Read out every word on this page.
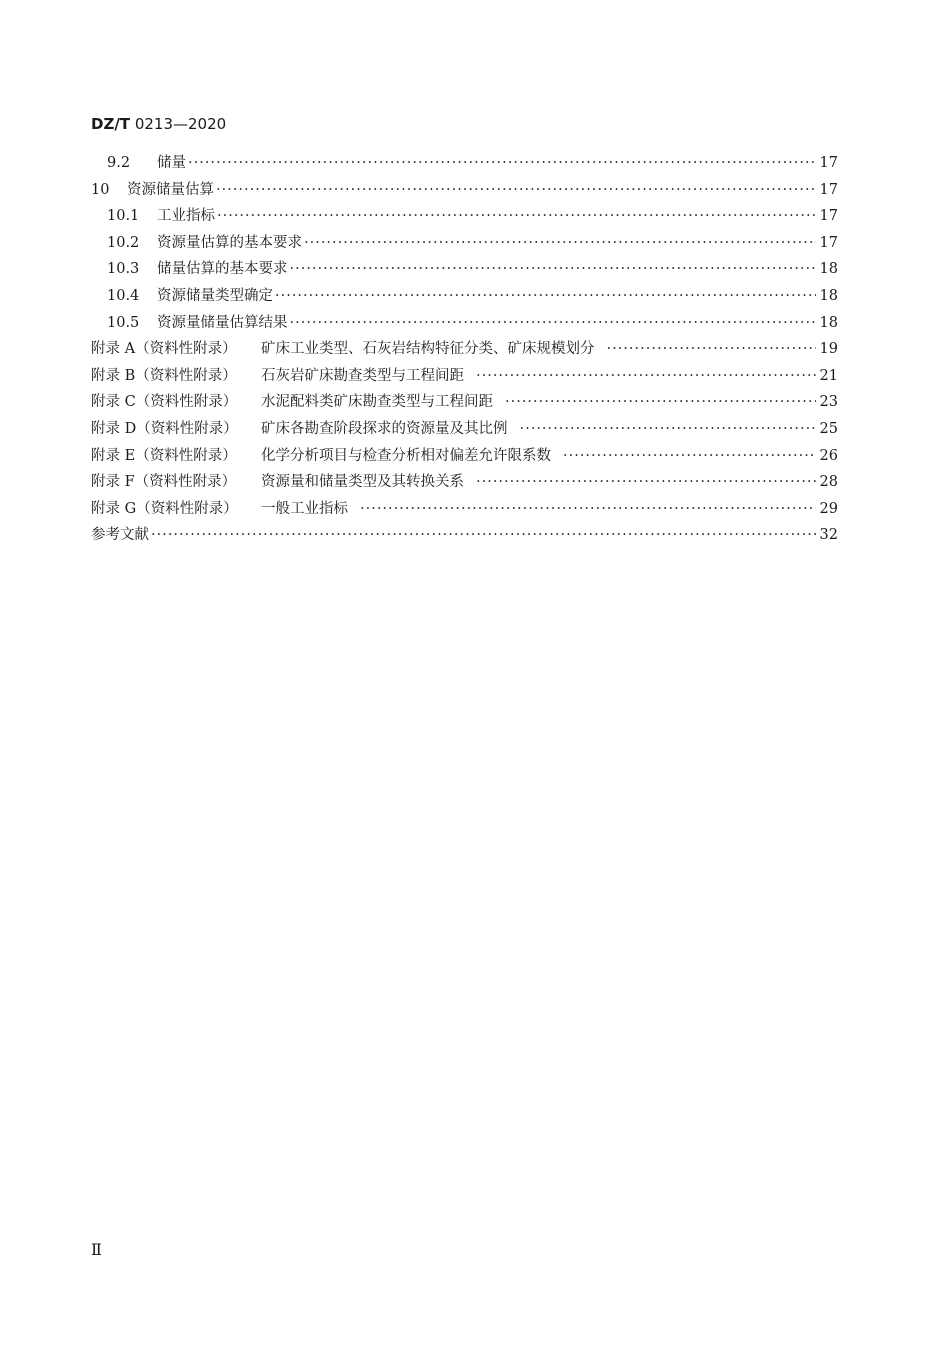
DZ/T 0213—2020
9.2	储量 ·····	17
10	资源储量估算 ·····	17
10.1	工业指标 ·····	17
10.2	资源量估算的基本要求 ·····	17
10.3	储量估算的基本要求 ·····	18
10.4	资源储量类型确定 ·····	18
10.5	资源量储量估算结果 ·····	18
附录 A（资料性附录）	矿床工业类型、石灰岩结构特征分类、矿床规模划分 ·····	19
附录 B（资料性附录）	石灰岩矿床勘查类型与工程间距 ·····	21
附录 C（资料性附录）	水泥配料类矿床勘查类型与工程间距 ·····	23
附录 D（资料性附录）	矿床各勘查阶段探求的资源量及其比例 ·····	25
附录 E（资料性附录）	化学分析项目与检查分析相对偏差允许限系数 ·····	26
附录 F（资料性附录）	资源量和储量类型及其转换关系 ·····	28
附录 G（资料性附录）	一般工业指标 ·····	29
参考文献 ·····	32
Ⅱ
